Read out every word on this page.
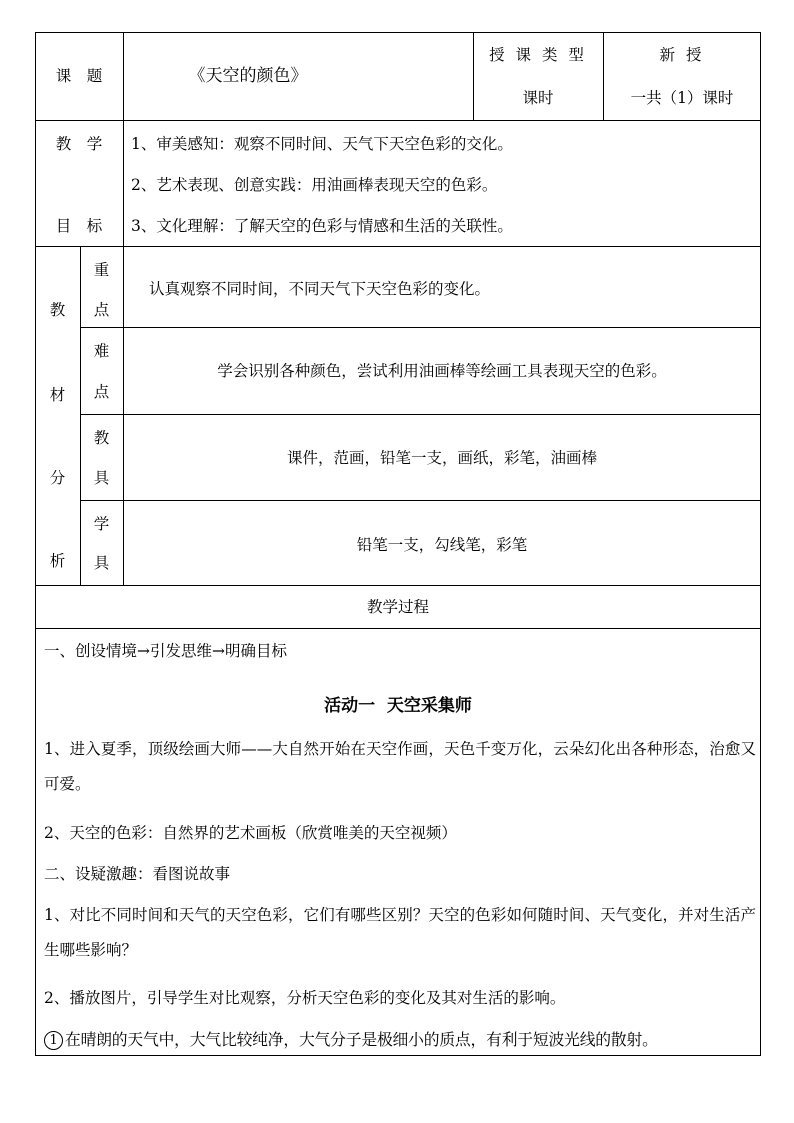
课　题	《天空的颜色》
授 课 类 型
课时
新 授
一共（1）课时
教　学
目　标
1、审美感知：观察不同时间、天气下天空色彩的交化。
2、艺术表现、创意实践：用油画棒表现天空的色彩。
3、文化理解：了解天空的色彩与情感和生活的关联性。
教
材
分
析
重
点
认真观察不同时间，不同天气下天空色彩的变化。
难
点
学会识别各种颜色，尝试利用油画棒等绘画工具表现天空的色彩。
教
具
课件，范画，铅笔一支，画纸，彩笔，油画棒
学
具
铅笔一支，勾线笔，彩笔
教学过程
一、创设情境→引发思维→明确目标
活动一  天空采集师
1、进入夏季，顶级绘画大师——大自然开始在天空作画，天色千变万化，云朵幻化出各种形态，治愈又可爱。
2、天空的色彩：自然界的艺术画板（欣赏唯美的天空视频）
二、设疑激趣：看图说故事
1、对比不同时间和天气的天空色彩，它们有哪些区别？天空的色彩如何随时间、天气变化，并对生活产生哪些影响？
2、播放图片，引导学生对比观察，分析天空色彩的变化及其对生活的影响。
1 在晴朗的天气中，大气比较纯净，大气分子是极细小的质点，有利于短波光线的散射。
